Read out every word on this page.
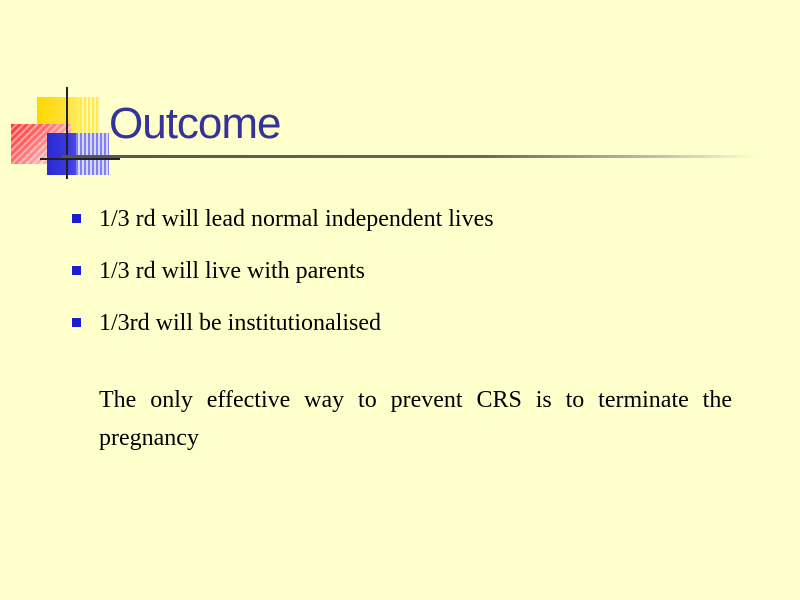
Outcome
1/3 rd will lead normal independent lives
1/3 rd will live with parents
1/3rd will be institutionalised

The only effective way to prevent CRS is to terminate the pregnancy
